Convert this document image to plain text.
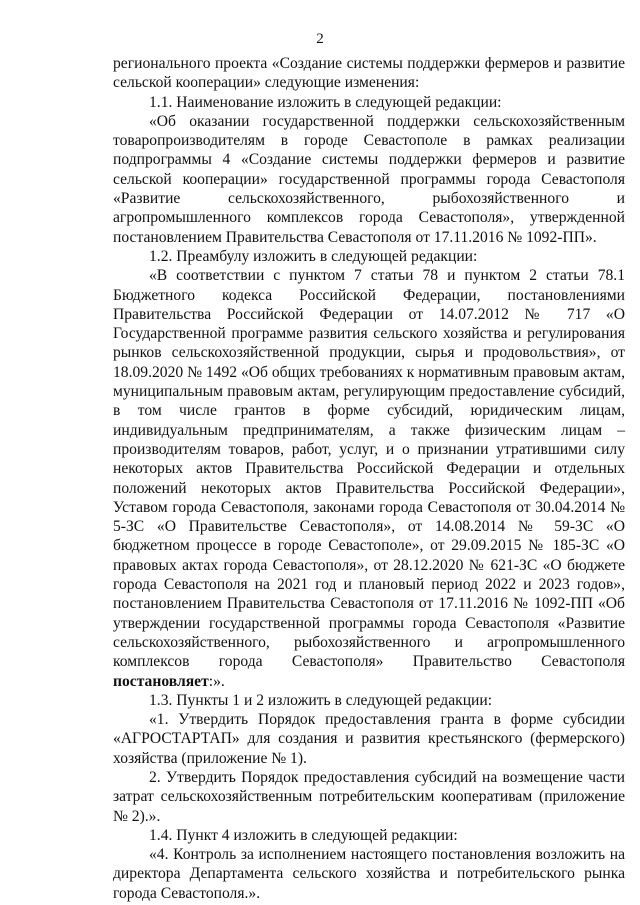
2

регионального проекта «Создание системы поддержки фермеров и развитие сельской кооперации» следующие изменения:

1.1. Наименование изложить в следующей редакции:

«Об оказании государственной поддержки сельскохозяйственным товаропроизводителям в городе Севастополе в рамках реализации подпрограммы 4 «Создание системы поддержки фермеров и развитие сельской кооперации» государственной программы города Севастополя «Развитие сельскохозяйственного, рыбохозяйственного и агропромышленного комплексов города Севастополя», утвержденной постановлением Правительства Севастополя от 17.11.2016 № 1092-ПП».

1.2. Преамбулу изложить в следующей редакции:

«В соответствии с пунктом 7 статьи 78 и пунктом 2 статьи 78.1 Бюджетного кодекса Российской Федерации, постановлениями Правительства Российской Федерации от 14.07.2012 № 717 «О Государственной программе развития сельского хозяйства и регулирования рынков сельскохозяйственной продукции, сырья и продовольствия», от 18.09.2020 № 1492 «Об общих требованиях к нормативным правовым актам, муниципальным правовым актам, регулирующим предоставление субсидий, в том числе грантов в форме субсидий, юридическим лицам, индивидуальным предпринимателям, а также физическим лицам – производителям товаров, работ, услуг, и о признании утратившими силу некоторых актов Правительства Российской Федерации и отдельных положений некоторых актов Правительства Российской Федерации», Уставом города Севастополя, законами города Севастополя от 30.04.2014 № 5-ЗС «О Правительстве Севастополя», от 14.08.2014 № 59-ЗС «О бюджетном процессе в городе Севастополе», от 29.09.2015 № 185-ЗС «О правовых актах города Севастополя», от 28.12.2020 № 621-ЗС «О бюджете города Севастополя на 2021 год и плановый период 2022 и 2023 годов», постановлением Правительства Севастополя от 17.11.2016 № 1092-ПП «Об утверждении государственной программы города Севастополя «Развитие сельскохозяйственного, рыбохозяйственного и агропромышленного комплексов города Севастополя» Правительство Севастополя постановляет:».

1.3. Пункты 1 и 2 изложить в следующей редакции:

«1. Утвердить Порядок предоставления гранта в форме субсидии «АГРОСТАРТАП» для создания и развития крестьянского (фермерского) хозяйства (приложение № 1).

2. Утвердить Порядок предоставления субсидий на возмещение части затрат сельскохозяйственным потребительским кооперативам (приложение № 2).».

1.4. Пункт 4 изложить в следующей редакции:

«4. Контроль за исполнением настоящего постановления возложить на директора Департамента сельского хозяйства и потребительского рынка города Севастополя.».
